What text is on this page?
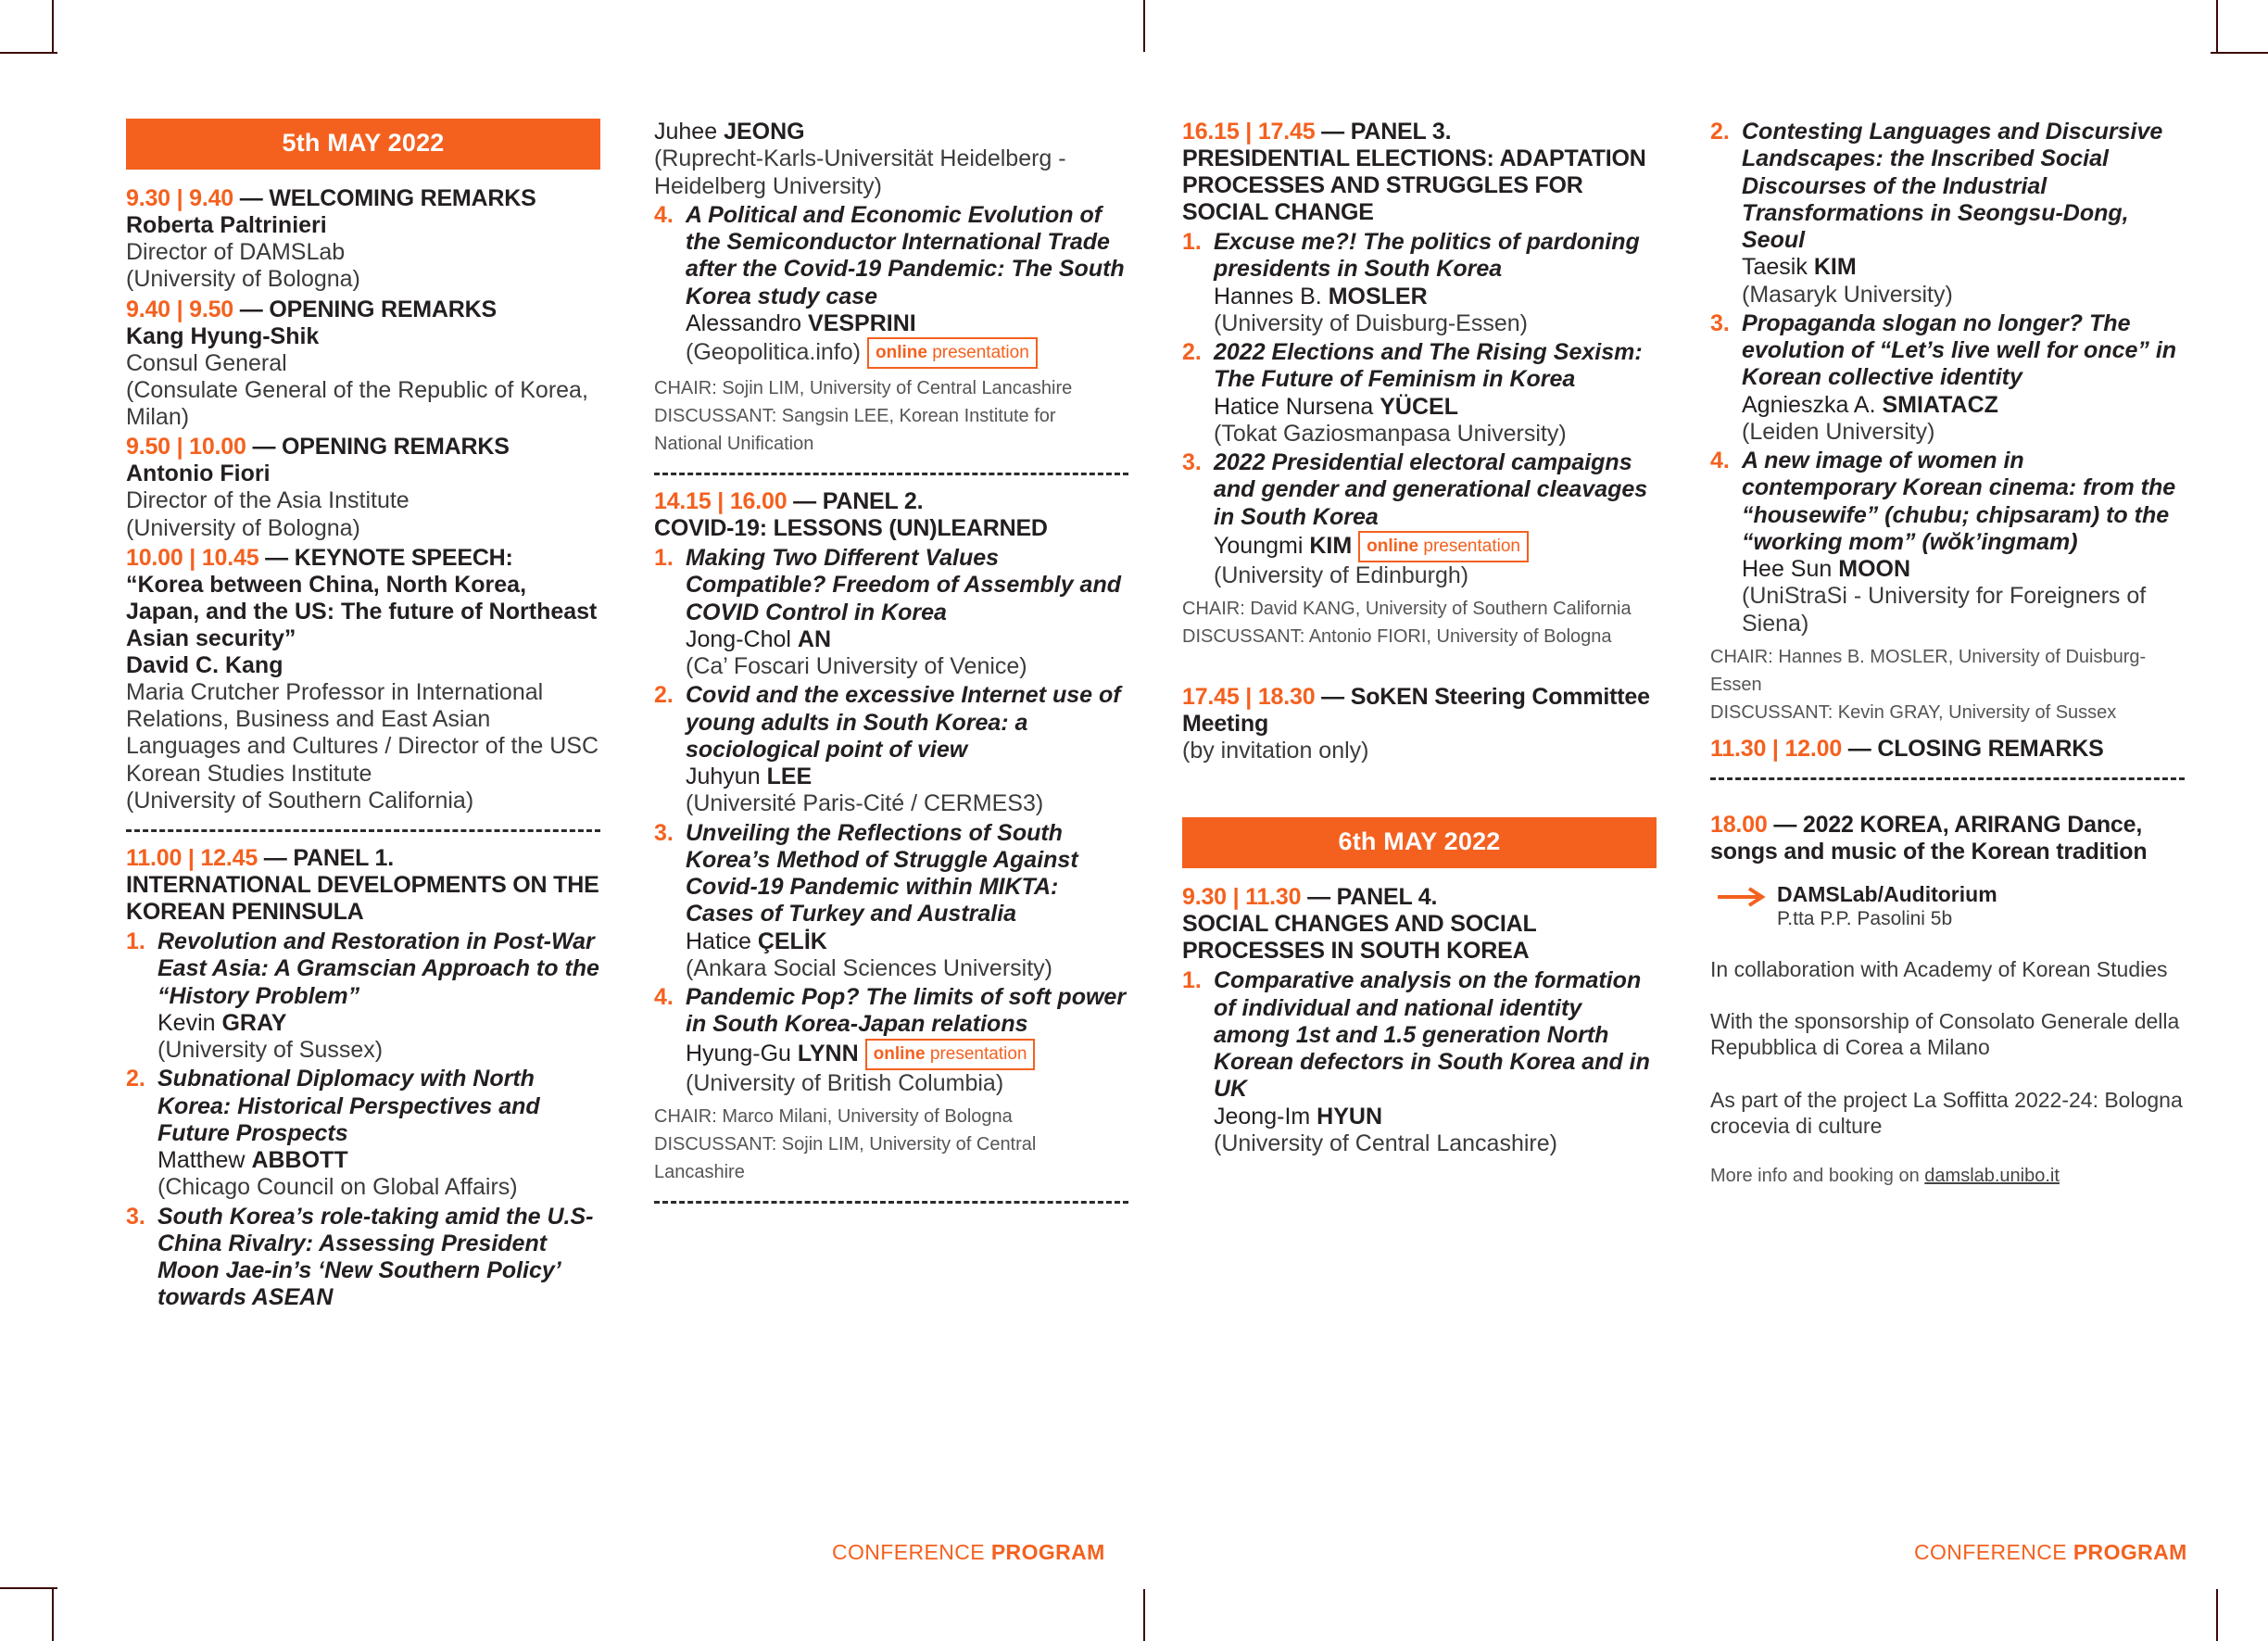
5th MAY 2022
9.30 | 9.40 — WELCOMING REMARKS
Roberta Paltrinieri
Director of DAMSLab
(University of Bologna)
9.40 | 9.50 — OPENING REMARKS
Kang Hyung-Shik
Consul General
(Consulate General of the Republic of Korea, Milan)
9.50 | 10.00 — OPENING REMARKS
Antonio Fiori
Director of the Asia Institute
(University of Bologna)
10.00 | 10.45 — KEYNOTE SPEECH:
“Korea between China, North Korea, Japan, and the US: The future of Northeast Asian security”
David C. Kang
Maria Crutcher Professor in International Relations, Business and East Asian Languages and Cultures / Director of the USC Korean Studies Institute
(University of Southern California)
11.00 | 12.45 — PANEL 1.
INTERNATIONAL DEVELOPMENTS ON THE KOREAN PENINSULA
1. Revolution and Restoration in Post-War East Asia: A Gramscian Approach to the “History Problem”
Kevin GRAY
(University of Sussex)
2. Subnational Diplomacy with North Korea: Historical Perspectives and Future Prospects
Matthew ABBOTT
(Chicago Council on Global Affairs)
3. South Korea’s role-taking amid the U.S-China Rivalry: Assessing President Moon Jae-in’s ‘New Southern Policy’ towards ASEAN
Juhee JEONG
(Ruprecht-Karls-Universität Heidelberg - Heidelberg University)
4. A Political and Economic Evolution of the Semiconductor International Trade after the Covid-19 Pandemic: The South Korea study case
Alessandro VESPRINI
(Geopolitica.info) online presentation
CHAIR: Sojin LIM, University of Central Lancashire
DISCUSSANT: Sangsin LEE, Korean Institute for National Unification
14.15 | 16.00 — PANEL 2.
COVID-19: LESSONS (UN)LEARNED
1. Making Two Different Values Compatible? Freedom of Assembly and COVID Control in Korea
Jong-Chol AN
(Ca’ Foscari University of Venice)
2. Covid and the excessive Internet use of young adults in South Korea: a sociological point of view
Juhyun LEE
(Université Paris-Cité / CERMES3)
3. Unveiling the Reflections of South Korea’s Method of Struggle Against Covid-19 Pandemic within MIKTA: Cases of Turkey and Australia
Hatice ÇELİK
(Ankara Social Sciences University)
4. Pandemic Pop? The limits of soft power in South Korea-Japan relations
Hyung-Gu LYNN online presentation
(University of British Columbia)
CHAIR: Marco Milani, University of Bologna
DISCUSSANT: Sojin LIM, University of Central Lancashire
16.15 | 17.45 — PANEL 3.
PRESIDENTIAL ELECTIONS: ADAPTATION PROCESSES AND STRUGGLES FOR SOCIAL CHANGE
1. Excuse me?! The politics of pardoning presidents in South Korea
Hannes B. MOSLER
(University of Duisburg-Essen)
2. 2022 Elections and The Rising Sexism: The Future of Feminism in Korea
Hatice Nursena YÜCEL
(Tokat Gaziosmanpasa University)
3. 2022 Presidential electoral campaigns and gender and generational cleavages in South Korea
Youngmi KIM online presentation
(University of Edinburgh)
CHAIR: David KANG, University of Southern California
DISCUSSANT: Antonio FIORI, University of Bologna
17.45 | 18.30 — SoKEN Steering Committee Meeting
(by invitation only)
6th MAY 2022
9.30 | 11.30 — PANEL 4.
SOCIAL CHANGES AND SOCIAL PROCESSES IN SOUTH KOREA
1. Comparative analysis on the formation of individual and national identity among 1st and 1.5 generation North Korean defectors in South Korea and in UK
Jeong-Im HYUN
(University of Central Lancashire)
2. Contesting Languages and Discursive Landscapes: the Inscribed Social Discourses of the Industrial Transformations in Seongsu-Dong, Seoul
Taesik KIM
(Masaryk University)
3. Propaganda slogan no longer? The evolution of “Let’s live well for once” in Korean collective identity
Agnieszka A. SMIATACZ
(Leiden University)
4. A new image of women in contemporary Korean cinema: from the “housewife” (chubu; chipsaram) to the “working mom” (wŏk’ingmam)
Hee Sun MOON
(UniStraSi - University for Foreigners of Siena)
CHAIR: Hannes B. MOSLER, University of Duisburg-Essen
DISCUSSANT: Kevin GRAY, University of Sussex
11.30 | 12.00 — CLOSING REMARKS
18.00 — 2022 KOREA, ARIRANG Dance, songs and music of the Korean tradition
DAMSLab/Auditorium
P.tta P.P. Pasolini 5b
In collaboration with Academy of Korean Studies
With the sponsorship of Consolato Generale della Repubblica di Corea a Milano
As part of the project La Soffitta 2022-24: Bologna crocevia di culture
More info and booking on damslab.unibo.it
CONFERENCE PROGRAM	CONFERENCE PROGRAM
